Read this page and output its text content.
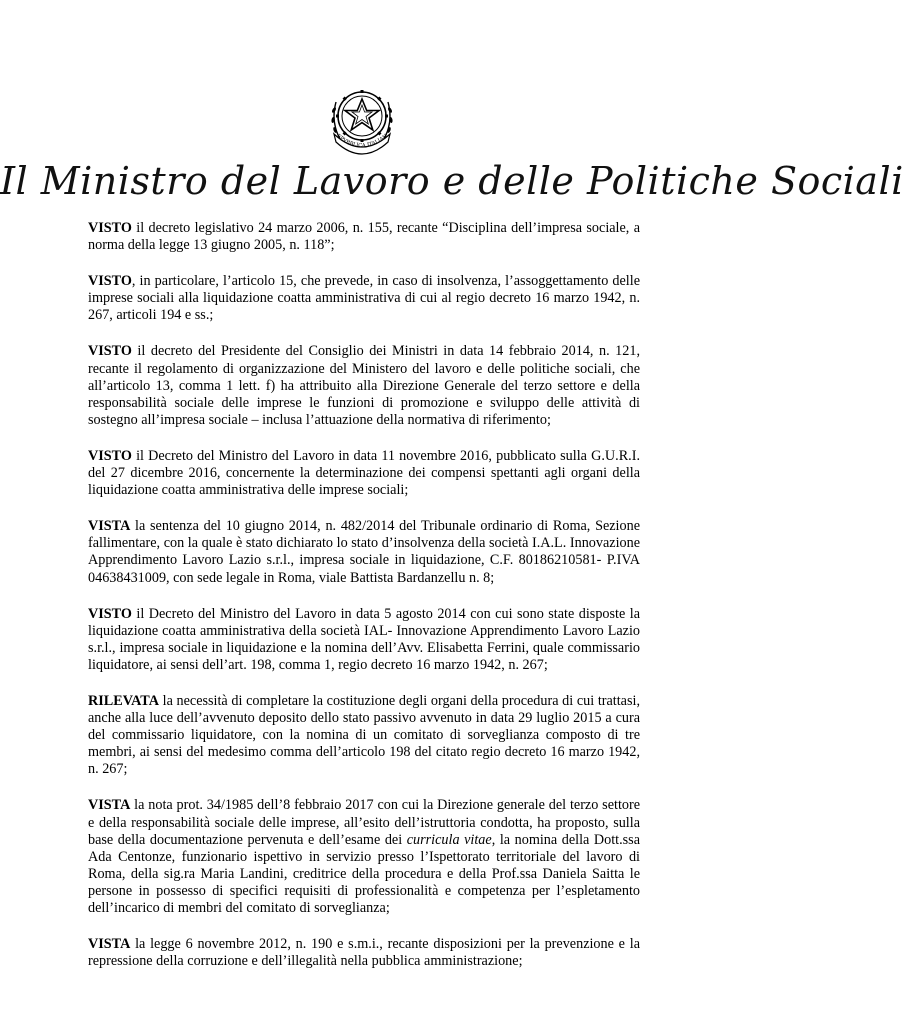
EPVBBLICA ITALIAN
Il Ministro del Lavoro e delle Politiche Sociali

VISTO il decreto legislativo 24 marzo 2006, n. 155, recante “Disciplina dell’impresa sociale, a norma della legge 13 giugno 2005, n. 118”;

VISTO, in particolare, l’articolo 15, che prevede, in caso di insolvenza, l’assoggettamento delle imprese sociali alla liquidazione coatta amministrativa di cui al regio decreto 16 marzo 1942, n. 267, articoli 194 e ss.;

VISTO il decreto del Presidente del Consiglio dei Ministri in data 14 febbraio 2014, n. 121, recante il regolamento di organizzazione del Ministero del lavoro e delle politiche sociali, che all’articolo 13, comma 1 lett. f) ha attribuito alla Direzione Generale del terzo settore e della responsabilità sociale delle imprese le funzioni di promozione e sviluppo delle attività di sostegno all’impresa sociale – inclusa l’attuazione della normativa di riferimento;

VISTO il Decreto del Ministro del Lavoro in data 11 novembre 2016, pubblicato sulla G.U.R.I. del 27 dicembre 2016, concernente la determinazione dei compensi spettanti agli organi della liquidazione coatta amministrativa delle imprese sociali;

VISTA la sentenza del 10 giugno 2014, n. 482/2014 del Tribunale ordinario di Roma, Sezione fallimentare, con la quale è stato dichiarato lo stato d’insolvenza della società I.A.L. Innovazione Apprendimento Lavoro Lazio s.r.l., impresa sociale in liquidazione, C.F. 80186210581- P.IVA 04638431009, con sede legale in Roma, viale Battista Bardanzellu n. 8;

VISTO il Decreto del Ministro del Lavoro in data 5 agosto 2014 con cui sono state disposte la liquidazione coatta amministrativa della società IAL- Innovazione Apprendimento Lavoro Lazio s.r.l., impresa sociale in liquidazione e la nomina dell’Avv. Elisabetta Ferrini, quale commissario liquidatore, ai sensi dell’art. 198, comma 1, regio decreto 16 marzo 1942, n. 267;

RILEVATA la necessità di completare la costituzione degli organi della procedura di cui trattasi, anche alla luce dell’avvenuto deposito dello stato passivo avvenuto in data 29 luglio 2015 a cura del commissario liquidatore, con la nomina di un comitato di sorveglianza composto di tre membri, ai sensi del medesimo comma dell’articolo 198 del citato regio decreto 16 marzo 1942, n. 267;

VISTA la nota prot. 34/1985 dell’8 febbraio 2017 con cui la Direzione generale del terzo settore e della responsabilità sociale delle imprese, all’esito dell’istruttoria condotta, ha proposto, sulla base della documentazione pervenuta e dell’esame dei curricula vitae, la nomina della Dott.ssa Ada Centonze, funzionario ispettivo in servizio presso l’Ispettorato territoriale del lavoro di Roma, della sig.ra Maria Landini, creditrice della procedura e della Prof.ssa Daniela Saitta le persone in possesso di specifici requisiti di professionalità e competenza per l’espletamento dell’incarico di membri del comitato di sorveglianza;

VISTA la legge 6 novembre 2012, n. 190 e s.m.i., recante disposizioni per la prevenzione e la repressione della corruzione e dell’illegalità nella pubblica amministrazione;
